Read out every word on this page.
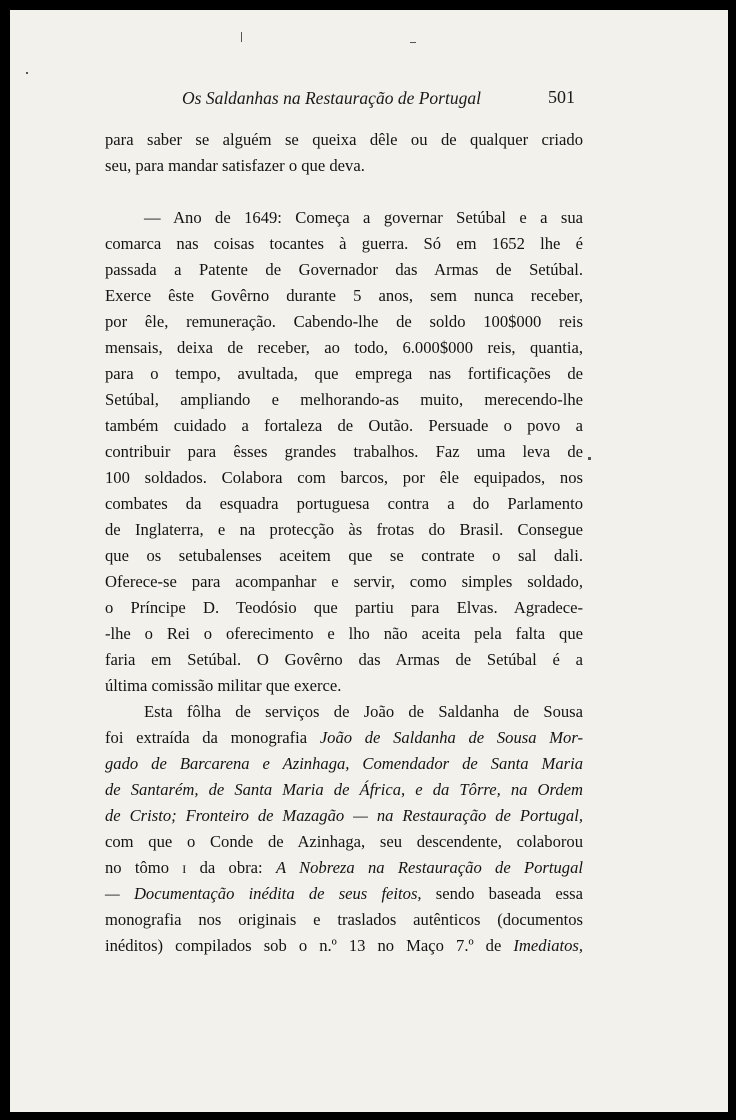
Os Saldanhas na Restauração de Portugal	501
para saber se alguém se queixa dêle ou de qualquer criado
seu, para mandar satisfazer o que deva.
— Ano de 1649: Começa a governar Setúbal e a sua
comarca nas coisas tocantes à guerra. Só em 1652 lhe é
passada a Patente de Governador das Armas de Setúbal.
Exerce êste Govêrno durante 5 anos, sem nunca receber,
por êle, remuneração. Cabendo-lhe de soldo 100$000 reis
mensais, deixa de receber, ao todo, 6.000$000 reis, quantia,
para o tempo, avultada, que emprega nas fortificações de
Setúbal, ampliando e melhorando-as muito, merecendo-lhe
também cuidado a fortaleza de Outão. Persuade o povo a
contribuir para êsses grandes trabalhos. Faz uma leva de
100 soldados. Colabora com barcos, por êle equipados, nos
combates da esquadra portuguesa contra a do Parlamento
de Inglaterra, e na protecção às frotas do Brasil. Consegue
que os setubalenses aceitem que se contrate o sal dali.
Oferece-se para acompanhar e servir, como simples soldado,
o Príncipe D. Teodósio que partiu para Elvas. Agradece-
-lhe o Rei o oferecimento e lho não aceita pela falta que
faria em Setúbal. O Govêrno das Armas de Setúbal é a
última comissão militar que exerce.
Esta fôlha de serviços de João de Saldanha de Sousa
foi extraída da monografia João de Saldanha de Sousa Mor-
gado de Barcarena e Azinhaga, Comendador de Santa Maria
de Santarém, de Santa Maria de África, e da Tôrre, na Ordem
de Cristo; Fronteiro de Mazagão — na Restauração de Portugal,
com que o Conde de Azinhaga, seu descendente, colaborou
no tômo I da obra: A Nobreza na Restauração de Portugal
— Documentação inédita de seus feitos, sendo baseada essa
monografia nos originais e traslados autênticos (documentos
inéditos) compilados sob o n.º 13 no Maço 7.º de Imediatos,
